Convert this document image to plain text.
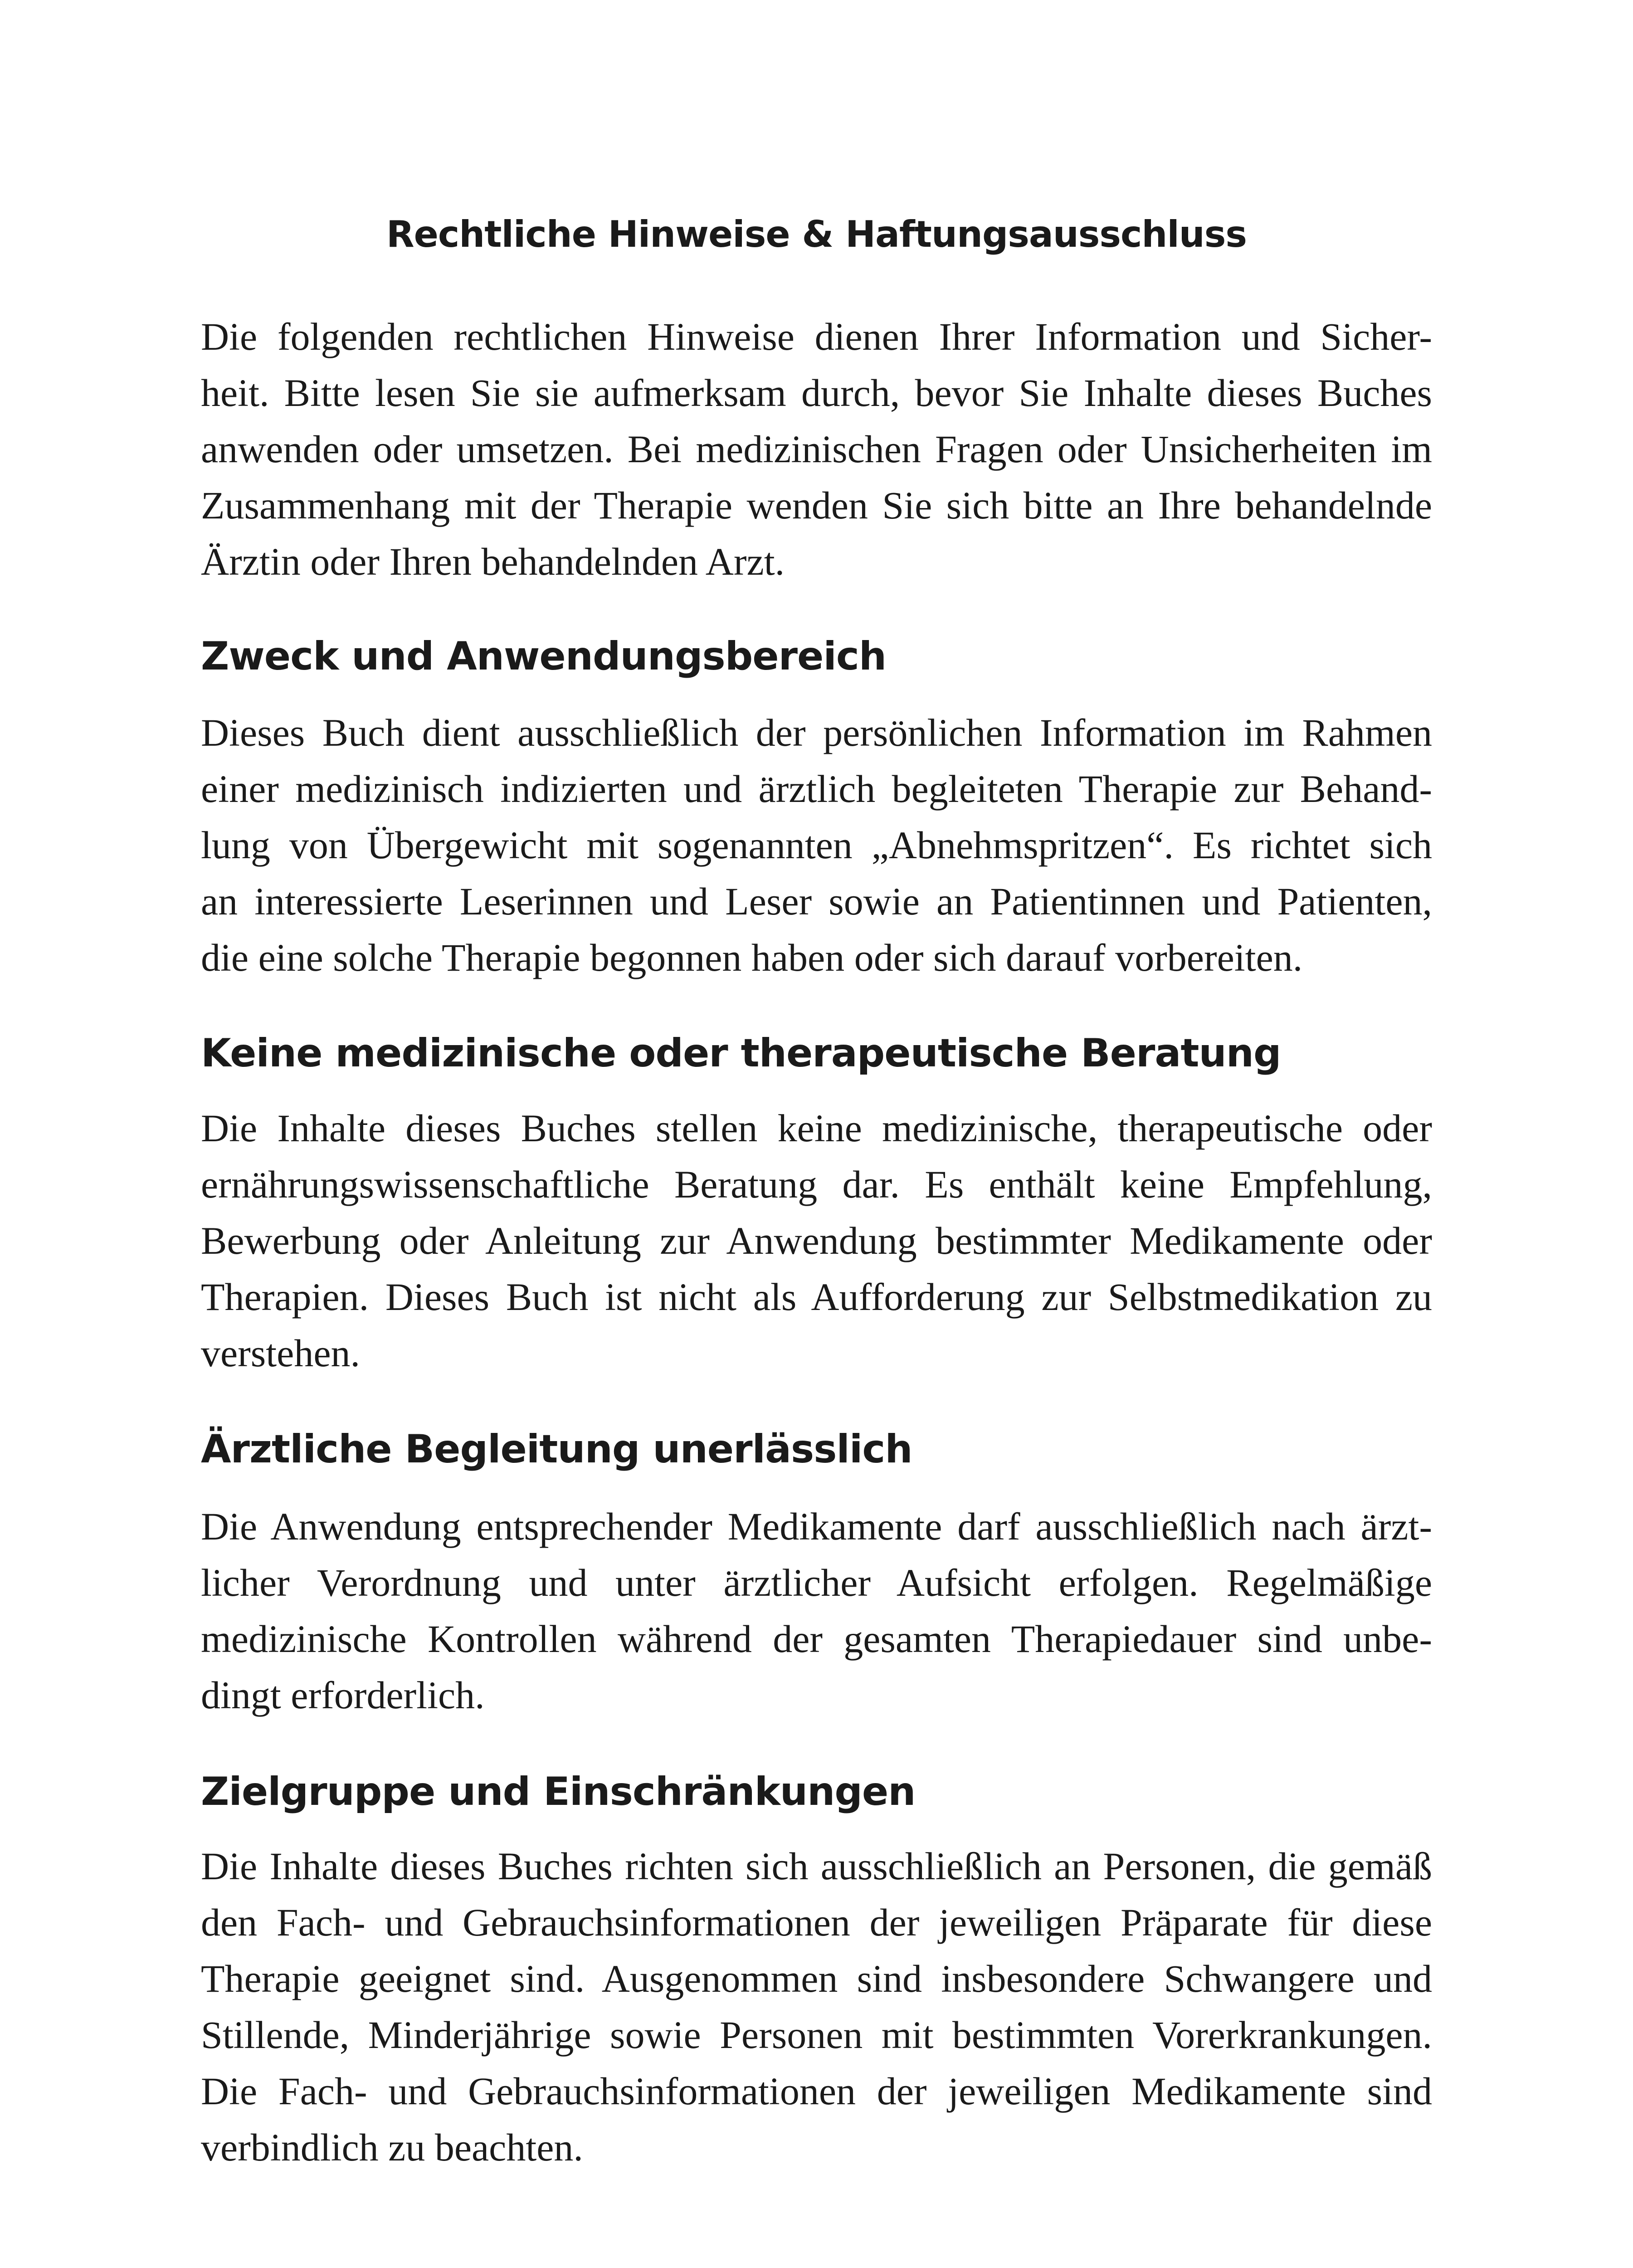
Rechtliche Hinweise & Haftungsausschluss

Die folgenden rechtlichen Hinweise dienen Ihrer Information und Sicher-
heit. Bitte lesen Sie sie aufmerksam durch, bevor Sie Inhalte dieses Buches
anwenden oder umsetzen. Bei medizinischen Fragen oder Unsicherheiten im
Zusammenhang mit der Therapie wenden Sie sich bitte an Ihre behandelnde
Ärztin oder Ihren behandelnden Arzt.

Zweck und Anwendungsbereich

Dieses Buch dient ausschließlich der persönlichen Information im Rahmen
einer medizinisch indizierten und ärztlich begleiteten Therapie zur Behand-
lung von Übergewicht mit sogenannten „Abnehmspritzen“. Es richtet sich
an interessierte Leserinnen und Leser sowie an Patientinnen und Patienten,
die eine solche Therapie begonnen haben oder sich darauf vorbereiten.

Keine medizinische oder therapeutische Beratung

Die Inhalte dieses Buches stellen keine medizinische, therapeutische oder
ernährungswissenschaftliche Beratung dar. Es enthält keine Empfehlung,
Bewerbung oder Anleitung zur Anwendung bestimmter Medikamente oder
Therapien. Dieses Buch ist nicht als Aufforderung zur Selbstmedikation zu
verstehen.

Ärztliche Begleitung unerlässlich

Die Anwendung entsprechender Medikamente darf ausschließlich nach ärzt-
licher Verordnung und unter ärztlicher Aufsicht erfolgen. Regelmäßige
medizinische Kontrollen während der gesamten Therapiedauer sind unbe-
dingt erforderlich.

Zielgruppe und Einschränkungen

Die Inhalte dieses Buches richten sich ausschließlich an Personen, die gemäß
den Fach- und Gebrauchsinformationen der jeweiligen Präparate für diese
Therapie geeignet sind. Ausgenommen sind insbesondere Schwangere und
Stillende, Minderjährige sowie Personen mit bestimmten Vorerkrankungen.
Die Fach- und Gebrauchsinformationen der jeweiligen Medikamente sind
verbindlich zu beachten.
